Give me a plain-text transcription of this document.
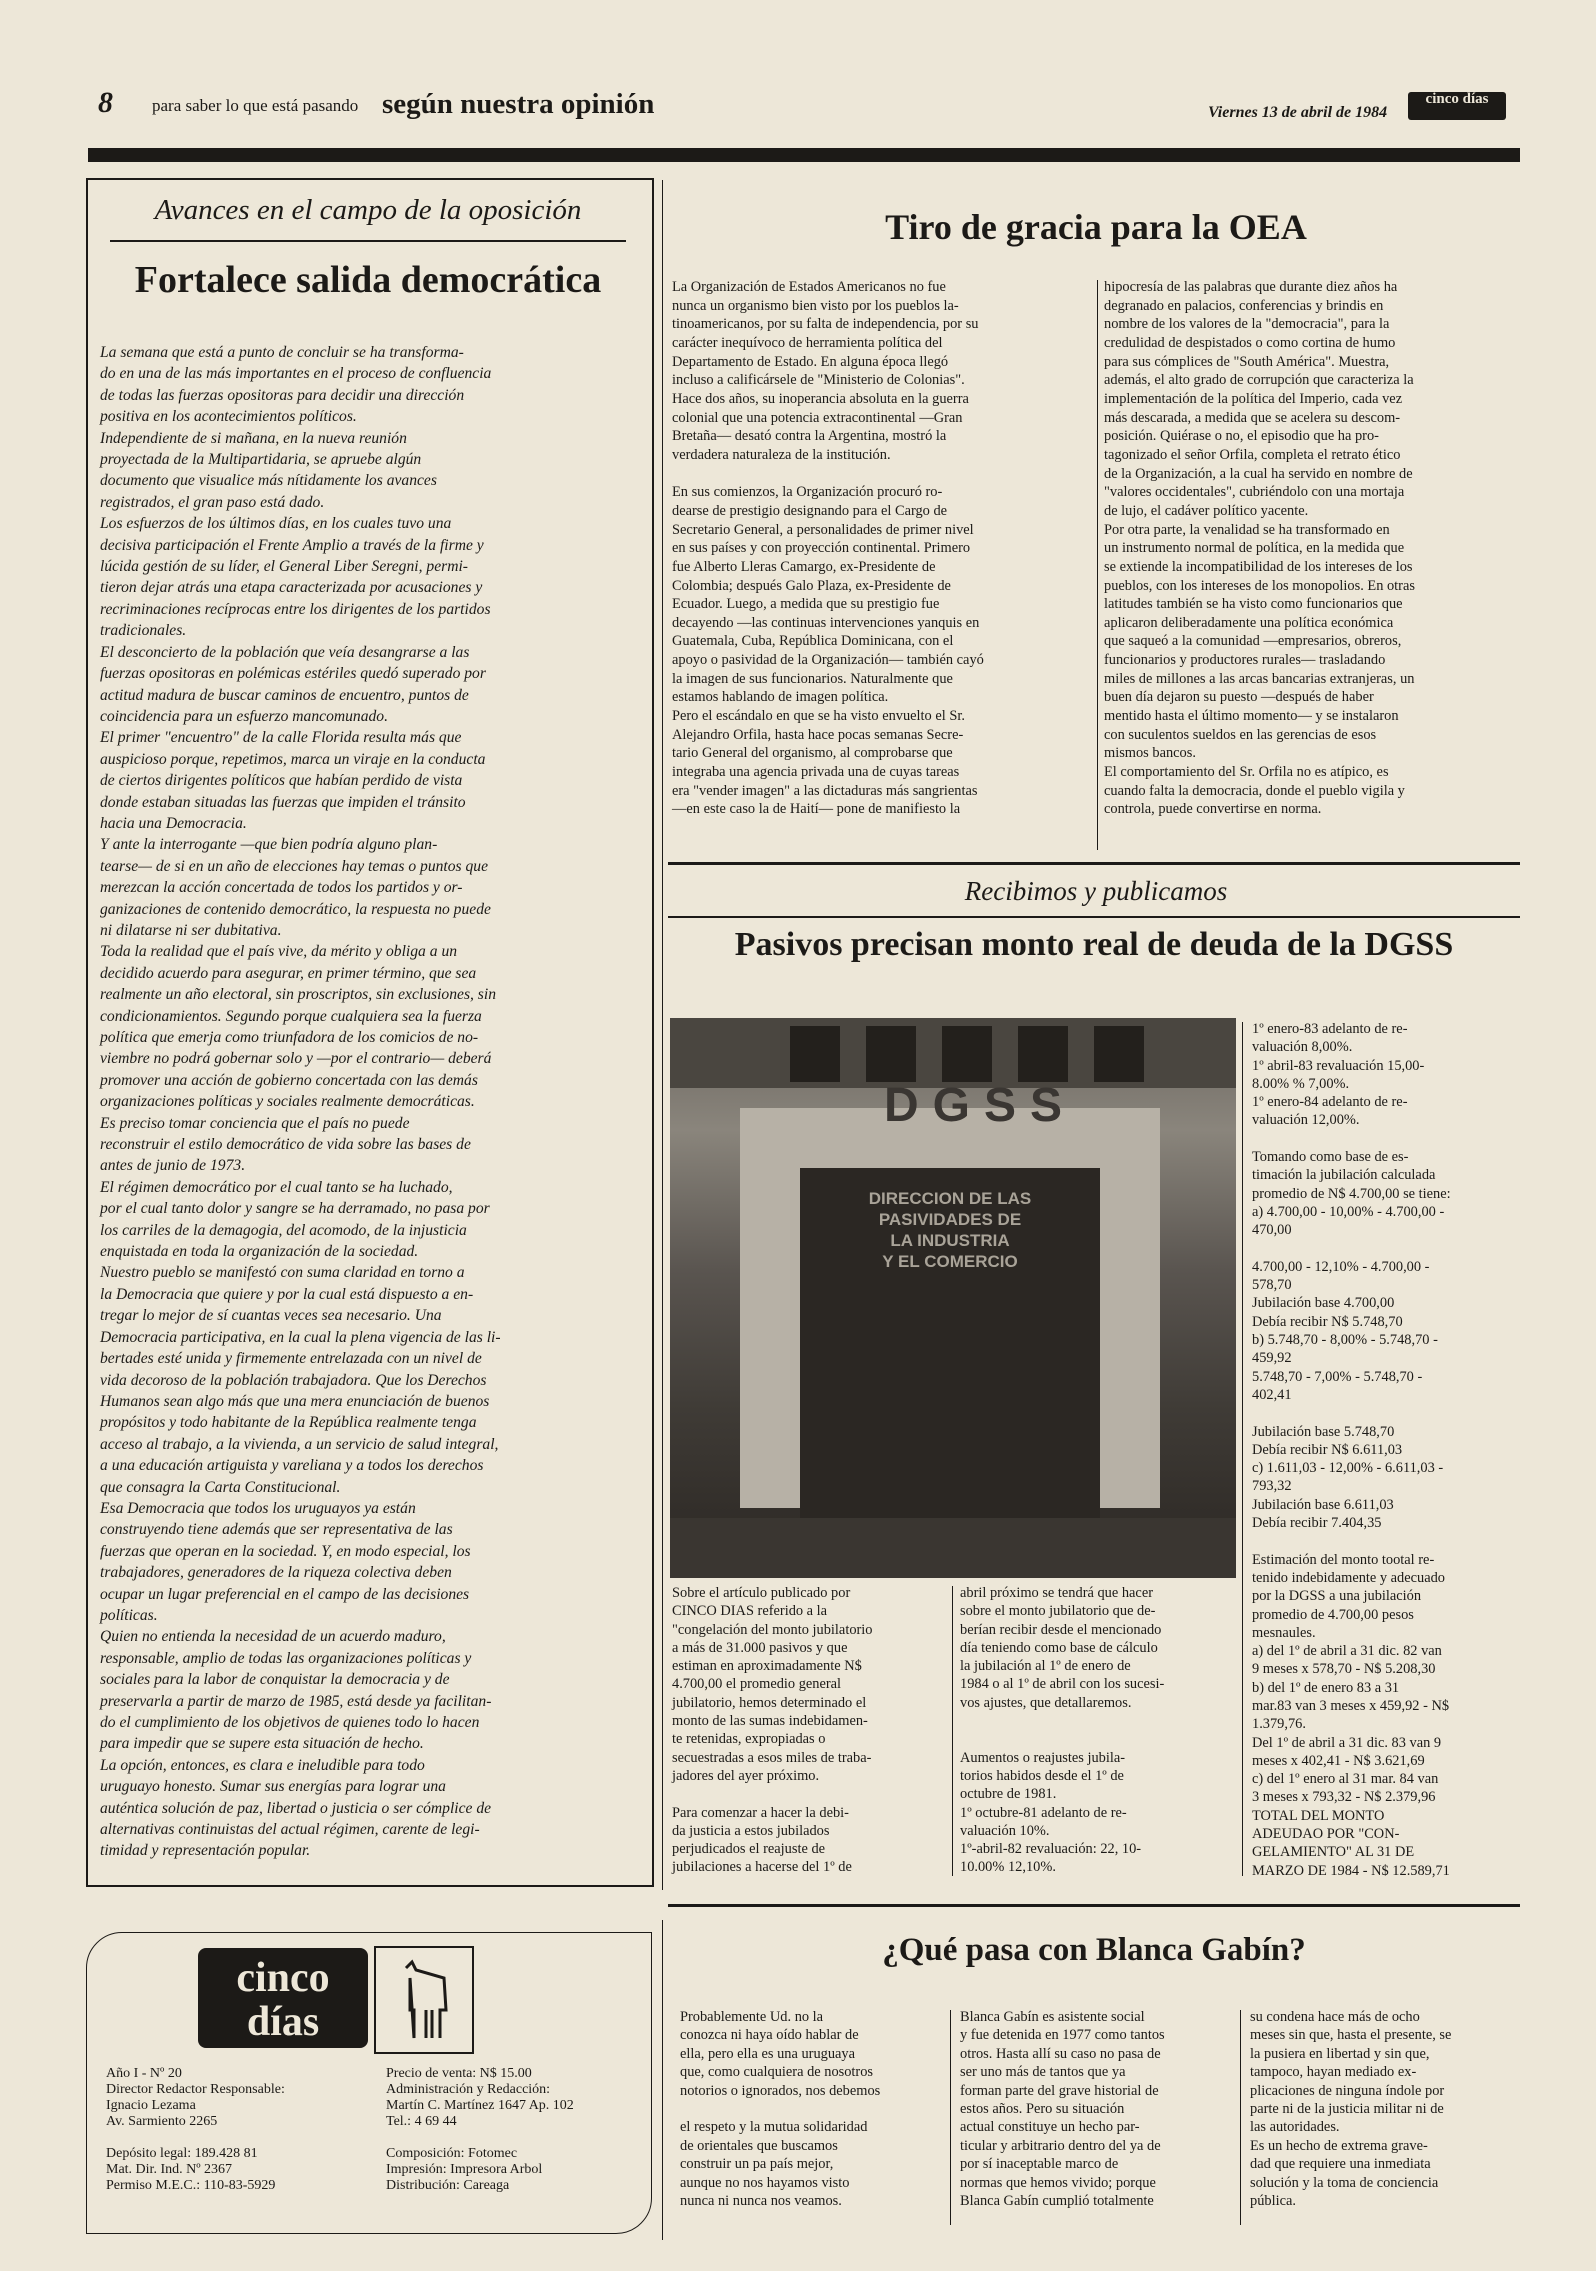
8 para saber lo que está pasando según nuestra opinión	Viernes 13 de abril de 1984
cinco días
Avances en el campo de la oposición
Fortalece salida democrática

La semana que está a punto de concluir se ha transforma-
do en una de las más importantes en el proceso de confluencia
de todas las fuerzas opositoras para decidir una dirección
positiva en los acontecimientos políticos.
Independiente de si mañana, en la nueva reunión
proyectada de la Multipartidaria, se apruebe algún
documento que visualice más nítidamente los avances
registrados, el gran paso está dado.
Los esfuerzos de los últimos días, en los cuales tuvo una
decisiva participación el Frente Amplio a través de la firme y
lúcida gestión de su líder, el General Liber Seregni, permi-
tieron dejar atrás una etapa caracterizada por acusaciones y
recriminaciones recíprocas entre los dirigentes de los partidos
tradicionales.
El desconcierto de la población que veía desangrarse a las
fuerzas opositoras en polémicas estériles quedó superado por
actitud madura de buscar caminos de encuentro, puntos de
coincidencia para un esfuerzo mancomunado.
El primer "encuentro" de la calle Florida resulta más que
auspicioso porque, repetimos, marca un viraje en la conducta
de ciertos dirigentes políticos que habían perdido de vista
donde estaban situadas las fuerzas que impiden el tránsito
hacia una Democracia.
Y ante la interrogante —que bien podría alguno plan-
tearse— de si en un año de elecciones hay temas o puntos que
merezcan la acción concertada de todos los partidos y or-
ganizaciones de contenido democrático, la respuesta no puede
ni dilatarse ni ser dubitativa.
Toda la realidad que el país vive, da mérito y obliga a un
decidido acuerdo para asegurar, en primer término, que sea
realmente un año electoral, sin proscriptos, sin exclusiones, sin
condicionamientos. Segundo porque cualquiera sea la fuerza
política que emerja como triunfadora de los comicios de no-
viembre no podrá gobernar solo y —por el contrario— deberá
promover una acción de gobierno concertada con las demás
organizaciones políticas y sociales realmente democráticas.
Es preciso tomar conciencia que el país no puede
reconstruir el estilo democrático de vida sobre las bases de
antes de junio de 1973.
El régimen democrático por el cual tanto se ha luchado,
por el cual tanto dolor y sangre se ha derramado, no pasa por
los carriles de la demagogia, del acomodo, de la injusticia
enquistada en toda la organización de la sociedad.
Nuestro pueblo se manifestó con suma claridad en torno a
la Democracia que quiere y por la cual está dispuesto a en-
tregar lo mejor de sí cuantas veces sea necesario. Una
Democracia participativa, en la cual la plena vigencia de las li-
bertades esté unida y firmemente entrelazada con un nivel de
vida decoroso de la población trabajadora. Que los Derechos
Humanos sean algo más que una mera enunciación de buenos
propósitos y todo habitante de la República realmente tenga
acceso al trabajo, a la vivienda, a un servicio de salud integral,
a una educación artiguista y vareliana y a todos los derechos
que consagra la Carta Constitucional.
Esa Democracia que todos los uruguayos ya están
construyendo tiene además que ser representativa de las
fuerzas que operan en la sociedad. Y, en modo especial, los
trabajadores, generadores de la riqueza colectiva deben
ocupar un lugar preferencial en el campo de las decisiones
políticas.
Quien no entienda la necesidad de un acuerdo maduro,
responsable, amplio de todas las organizaciones políticas y
sociales para la labor de conquistar la democracia y de
preservarla a partir de marzo de 1985, está desde ya facilitan-
do el cumplimiento de los objetivos de quienes todo lo hacen
para impedir que se supere esta situación de hecho.
La opción, entonces, es clara e ineludible para todo
uruguayo honesto. Sumar sus energías para lograr una
auténtica solución de paz, libertad o justicia o ser cómplice de
alternativas continuistas del actual régimen, carente de legi-
timidad y representación popular.

Tiro de gracia para la OEA

La Organización de Estados Americanos no fue
nunca un organismo bien visto por los pueblos la-
tinoamericanos, por su falta de independencia, por su
carácter inequívoco de herramienta política del
Departamento de Estado. En alguna época llegó
incluso a calificársele de "Ministerio de Colonias".
Hace dos años, su inoperancia absoluta en la guerra
colonial que una potencia extracontinental —Gran
Bretaña— desató contra la Argentina, mostró la
verdadera naturaleza de la institución.

En sus comienzos, la Organización procuró ro-
dearse de prestigio designando para el Cargo de
Secretario General, a personalidades de primer nivel
en sus países y con proyección continental. Primero
fue Alberto Lleras Camargo, ex-Presidente de
Colombia; después Galo Plaza, ex-Presidente de
Ecuador. Luego, a medida que su prestigio fue
decayendo —las continuas intervenciones yanquis en
Guatemala, Cuba, República Dominicana, con el
apoyo o pasividad de la Organización— también cayó
la imagen de sus funcionarios. Naturalmente que
estamos hablando de imagen política.
Pero el escándalo en que se ha visto envuelto el Sr.
Alejandro Orfila, hasta hace pocas semanas Secre-
tario General del organismo, al comprobarse que
integraba una agencia privada una de cuyas tareas
era "vender imagen" a las dictaduras más sangrientas
—en este caso la de Haití— pone de manifiesto la

hipocresía de las palabras que durante diez años ha
degranado en palacios, conferencias y brindis en
nombre de los valores de la "democracia", para la
credulidad de despistados o como cortina de humo
para sus cómplices de "South América". Muestra,
además, el alto grado de corrupción que caracteriza la
implementación de la política del Imperio, cada vez
más descarada, a medida que se acelera su descom-
posición. Quiérase o no, el episodio que ha pro-
tagonizado el señor Orfila, completa el retrato ético
de la Organización, a la cual ha servido en nombre de
"valores occidentales", cubriéndolo con una mortaja
de lujo, el cadáver político yacente.
Por otra parte, la venalidad se ha transformado en
un instrumento normal de política, en la medida que
se extiende la incompatibilidad de los intereses de los
pueblos, con los intereses de los monopolios. En otras
latitudes también se ha visto como funcionarios que
aplicaron deliberadamente una política económica
que saqueó a la comunidad —empresarios, obreros,
funcionarios y productores rurales— trasladando
miles de millones a las arcas bancarias extranjeras, un
buen día dejaron su puesto —después de haber
mentido hasta el último momento— y se instalaron
con suculentos sueldos en las gerencias de esos
mismos bancos.
El comportamiento del Sr. Orfila no es atípico, es
cuando falta la democracia, donde el pueblo vigila y
controla, puede convertirse en norma.

Recibimos y publicamos
Pasivos precisan monto real de deuda de la DGSS
DGSS
DIRECCION DE LAS
PASIVIDADES DE
LA INDUSTRIA
Y EL COMERCIO

Sobre el artículo publicado por
CINCO DIAS referido a la
"congelación del monto jubilatorio
a más de 31.000 pasivos y que
estiman en aproximadamente N$
4.700,00 el promedio general
jubilatorio, hemos determinado el
monto de las sumas indebidamen-
te retenidas, expropiadas o
secuestradas a esos miles de traba-
jadores del ayer próximo.

Para comenzar a hacer la debi-
da justicia a estos jubilados
perjudicados el reajuste de
jubilaciones a hacerse del 1º de

abril próximo se tendrá que hacer
sobre el monto jubilatorio que de-
berían recibir desde el mencionado
día teniendo como base de cálculo
la jubilación al 1º de enero de
1984 o al 1º de abril con los sucesi-
vos ajustes, que detallaremos.

Aumentos o reajustes jubila-
torios habidos desde el 1º de
octubre de 1981.
1º octubre-81 adelanto de re-
valuación 10%.
1º-abril-82 revaluación: 22, 10-
10.00% 12,10%.

1º enero-83 adelanto de re-
valuación 8,00%.
1º abril-83 revaluación 15,00-
8.00% % 7,00%.
1º enero-84 adelanto de re-
valuación 12,00%.

Tomando como base de es-
timación la jubilación calculada
promedio de N$ 4.700,00 se tiene:
a) 4.700,00 - 10,00% - 4.700,00 -
470,00

4.700,00 - 12,10% - 4.700,00 -
578,70
Jubilación base 4.700,00
Debía recibir N$ 5.748,70
b) 5.748,70 - 8,00% - 5.748,70 -
459,92
5.748,70 - 7,00% - 5.748,70 -
402,41

Jubilación base 5.748,70
Debía recibir N$ 6.611,03
c) 1.611,03 - 12,00% - 6.611,03 -
793,32
Jubilación base 6.611,03
Debía recibir 7.404,35

Estimación del monto tootal re-
tenido indebidamente y adecuado
por la DGSS a una jubilación
promedio de 4.700,00 pesos
mesnaules.
a) del 1º de abril a 31 dic. 82 van
9 meses x 578,70 - N$ 5.208,30
b) del 1º de enero 83 a 31
mar.83 van 3 meses x 459,92 - N$
1.379,76.
Del 1º de abril a 31 dic. 83 van 9
meses x 402,41 - N$ 3.621,69
c) del 1º enero al 31 mar. 84 van
3 meses x 793,32 - N$ 2.379,96
TOTAL DEL MONTO
ADEUDAO POR "CON-
GELAMIENTO" AL 31 DE
MARZO DE 1984 - N$ 12.589,71

cinco días

Año I - Nº 20
Director Redactor Responsable:
Ignacio Lezama
Av. Sarmiento 2265

Depósito legal: 189.428 81
Mat. Dir. Ind. Nº 2367
Permiso M.E.C.: 110-83-5929

Precio de venta: N$ 15.00
Administración y Redacción:
Martín C. Martínez 1647 Ap. 102
Tel.: 4 69 44

Composición: Fotomec
Impresión: Impresora Arbol
Distribución: Careaga

¿Qué pasa con Blanca Gabín?

Probablemente Ud. no la
conozca ni haya oído hablar de
ella, pero ella es una uruguaya
que, como cualquiera de nosotros
notorios o ignorados, nos debemos

el respeto y la mutua solidaridad
de orientales que buscamos
construir un pa país mejor,
aunque no nos hayamos visto
nunca ni nunca nos veamos.

Blanca Gabín es asistente social
y fue detenida en 1977 como tantos
otros. Hasta allí su caso no pasa de
ser uno más de tantos que ya
forman parte del grave historial de
estos años. Pero su situación
actual constituye un hecho par-
ticular y arbitrario dentro del ya de
por sí inaceptable marco de
normas que hemos vivido; porque
Blanca Gabín cumplió totalmente

su condena hace más de ocho
meses sin que, hasta el presente, se
la pusiera en libertad y sin que,
tampoco, hayan mediado ex-
plicaciones de ninguna índole por
parte ni de la justicia militar ni de
las autoridades.
Es un hecho de extrema grave-
dad que requiere una inmediata
solución y la toma de conciencia
pública.
